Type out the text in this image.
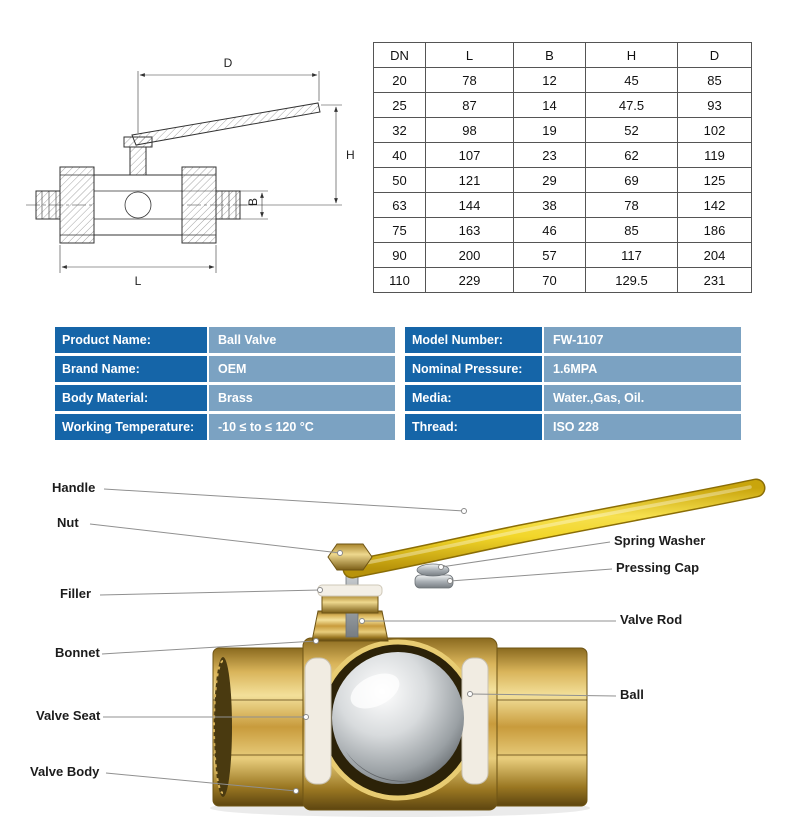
D
H
B
L
DN	L	B	H	D
20	78	12	45	85
25	87	14	47.5	93
32	98	19	52	102
40	107	23	62	119
50	121	29	69	125
63	144	38	78	142
75	163	46	85	186
90	200	57	117	204
110	229	70	129.5	231
Product Name:	Ball Valve
Brand Name:	OEM
Body Material:	Brass
Working Temperature:	-10 ≤ to ≤ 120 °C
Model Number:	FW-1107
Nominal Pressure:	1.6MPA
Media:	Water.,Gas, Oil.
Thread:	ISO 228
Handle
Nut
Filler
Bonnet
Valve Seat
Valve Body
Spring Washer
Pressing Cap
Valve Rod
Ball
